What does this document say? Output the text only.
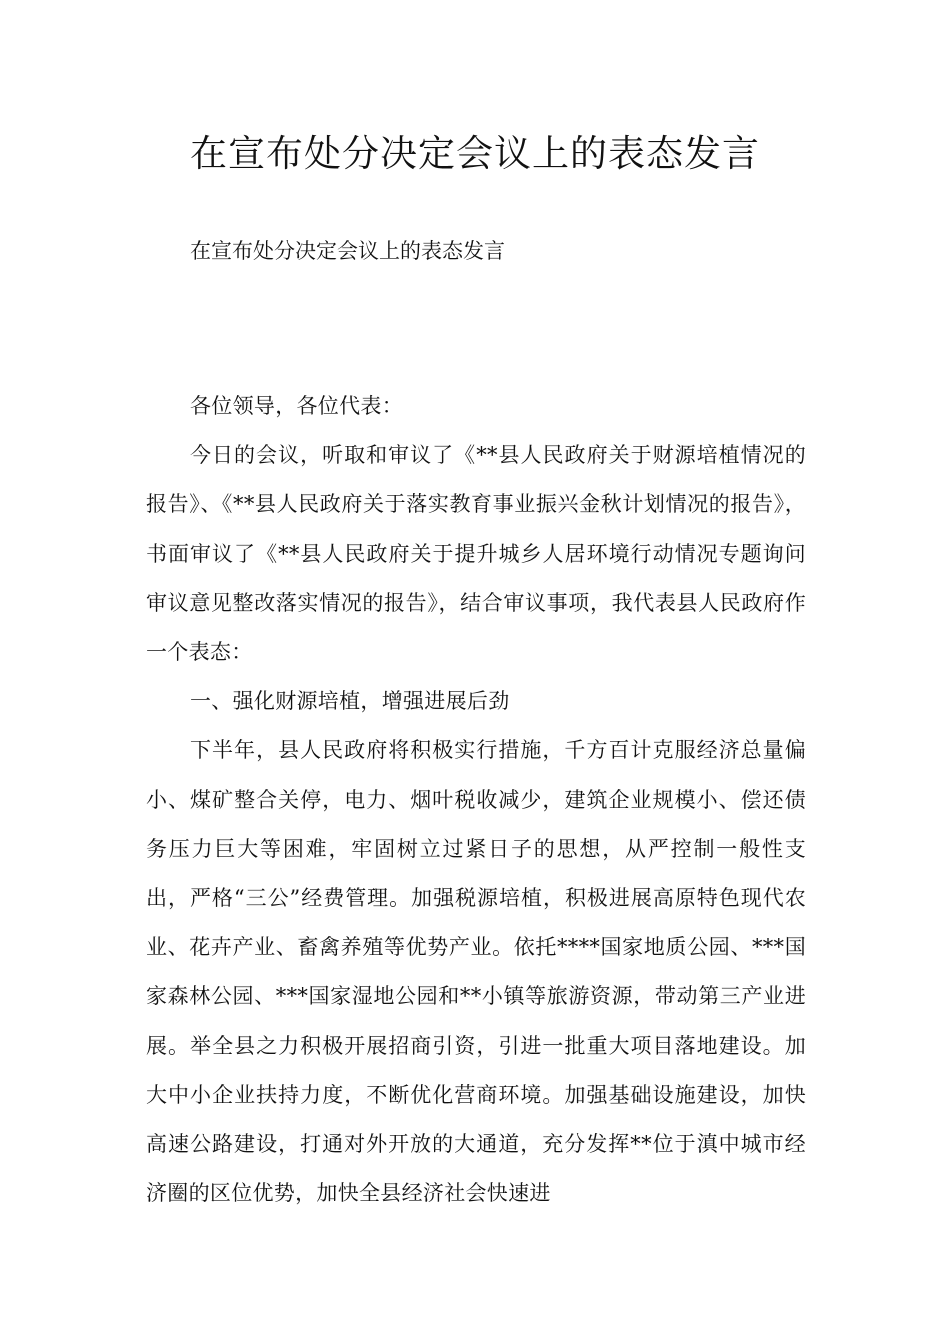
在宣布处分决定会议上的表态发言
在宣布处分决定会议上的表态发言

各位领导，各位代表：

今日的会议，听取和审议了《**县人民政府关于财源培植情况的报告》、《**县人民政府关于落实教育事业振兴金秋计划情况的报告》，书面审议了《**县人民政府关于提升城乡人居环境行动情况专题询问审议意见整改落实情况的报告》，结合审议事项，我代表县人民政府作一个表态：

一、强化财源培植，增强进展后劲

下半年，县人民政府将积极实行措施，千方百计克服经济总量偏小、煤矿整合关停，电力、烟叶税收减少，建筑企业规模小、偿还债务压力巨大等困难，牢固树立过紧日子的思想，从严控制一般性支出，严格“三公”经费管理。加强税源培植，积极进展高原特色现代农业、花卉产业、畜禽养殖等优势产业。依托****国家地质公园、***国家森林公园、***国家湿地公园和**小镇等旅游资源，带动第三产业进展。举全县之力积极开展招商引资，引进一批重大项目落地建设。加大中小企业扶持力度，不断优化营商环境。加强基础设施建设，加快高速公路建设，打通对外开放的大通道，充分发挥**位于滇中城市经济圈的区位优势，加快全县经济社会快速进
